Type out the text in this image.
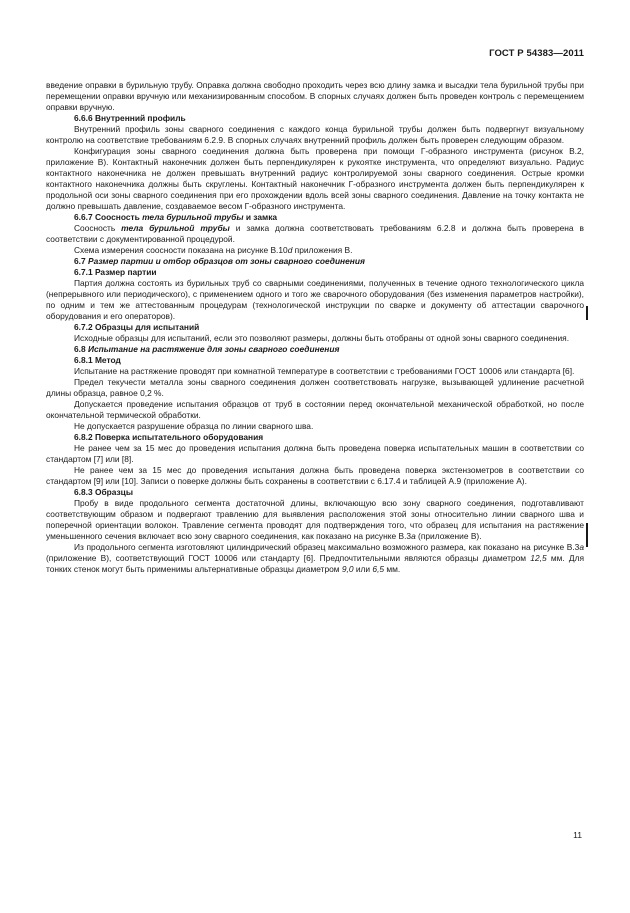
ГОСТ Р 54383—2011

введение оправки в бурильную трубу. Оправка должна свободно проходить через всю длину замка и высадки тела бурильной трубы при перемещении оправки вручную или механизированным способом. В спорных случаях должен быть проведен контроль с перемещением оправки вручную.

6.6.6 Внутренний профиль

Внутренний профиль зоны сварного соединения с каждого конца бурильной трубы должен быть подвергнут визуальному контролю на соответствие требованиям 6.2.9. В спорных случаях внутренний профиль должен быть проверен следующим образом.

Конфигурация зоны сварного соединения должна быть проверена при помощи Г-образного инструмента (рисунок В.2, приложение В). Контактный наконечник должен быть перпендикулярен к рукоятке инструмента, что определяют визуально. Радиус контактного наконечника не должен превышать внутренний радиус контролируемой зоны сварного соединения. Острые кромки контактного наконечника должны быть скруглены. Контактный наконечник Г-образного инструмента должен быть перпендикулярен к продольной оси зоны сварного соединения при его прохождении вдоль всей зоны сварного соединения. Давление на точку контакта не должно превышать давление, создаваемое весом Г-образного инструмента.

6.6.7 Соосность тела бурильной трубы и замка

Соосность тела бурильной трубы и замка должна соответствовать требованиям 6.2.8 и должна быть проверена в соответствии с документированной процедурой.

Схема измерения соосности показана на рисунке В.10d приложения В.

6.7 Размер партии и отбор образцов от зоны сварного соединения

6.7.1 Размер партии

Партия должна состоять из бурильных труб со сварными соединениями, полученных в течение одного технологического цикла (непрерывного или периодического), с применением одного и того же сварочного оборудования (без изменения параметров настройки), по одним и тем же аттестованным процедурам (технологической инструкции по сварке и документу об аттестации сварочного оборудования и его операторов).

6.7.2 Образцы для испытаний

Исходные образцы для испытаний, если это позволяют размеры, должны быть отобраны от одной зоны сварного соединения.

6.8 Испытание на растяжение для зоны сварного соединения

6.8.1 Метод

Испытание на растяжение проводят при комнатной температуре в соответствии с требованиями ГОСТ 10006 или стандарта [6].

Предел текучести металла зоны сварного соединения должен соответствовать нагрузке, вызывающей удлинение расчетной длины образца, равное 0,2 %.

Допускается проведение испытания образцов от труб в состоянии перед окончательной механической обработкой, но после окончательной термической обработки.

Не допускается разрушение образца по линии сварного шва.

6.8.2 Поверка испытательного оборудования

Не ранее чем за 15 мес до проведения испытания должна быть проведена поверка испытательных машин в соответствии со стандартом [7] или [8].

Не ранее чем за 15 мес до проведения испытания должна быть проведена поверка экстензометров в соответствии со стандартом [9] или [10]. Записи о поверке должны быть сохранены в соответствии с 6.17.4 и таблицей А.9 (приложение А).

6.8.3 Образцы

Пробу в виде продольного сегмента достаточной длины, включающую всю зону сварного соединения, подготавливают соответствующим образом и подвергают травлению для выявления расположения этой зоны относительно линии сварного шва и поперечной ориентации волокон. Травление сегмента проводят для подтверждения того, что образец для испытания на растяжение уменьшенного сечения включает всю зону сварного соединения, как показано на рисунке В.3а (приложение В).

Из продольного сегмента изготовляют цилиндрический образец максимально возможного размера, как показано на рисунке В.3а (приложение В), соответствующий ГОСТ 10006 или стандарту [6]. Предпочтительными являются образцы диаметром 12,5 мм. Для тонких стенок могут быть применимы альтернативные образцы диаметром 9,0 или 6,5 мм.

11
